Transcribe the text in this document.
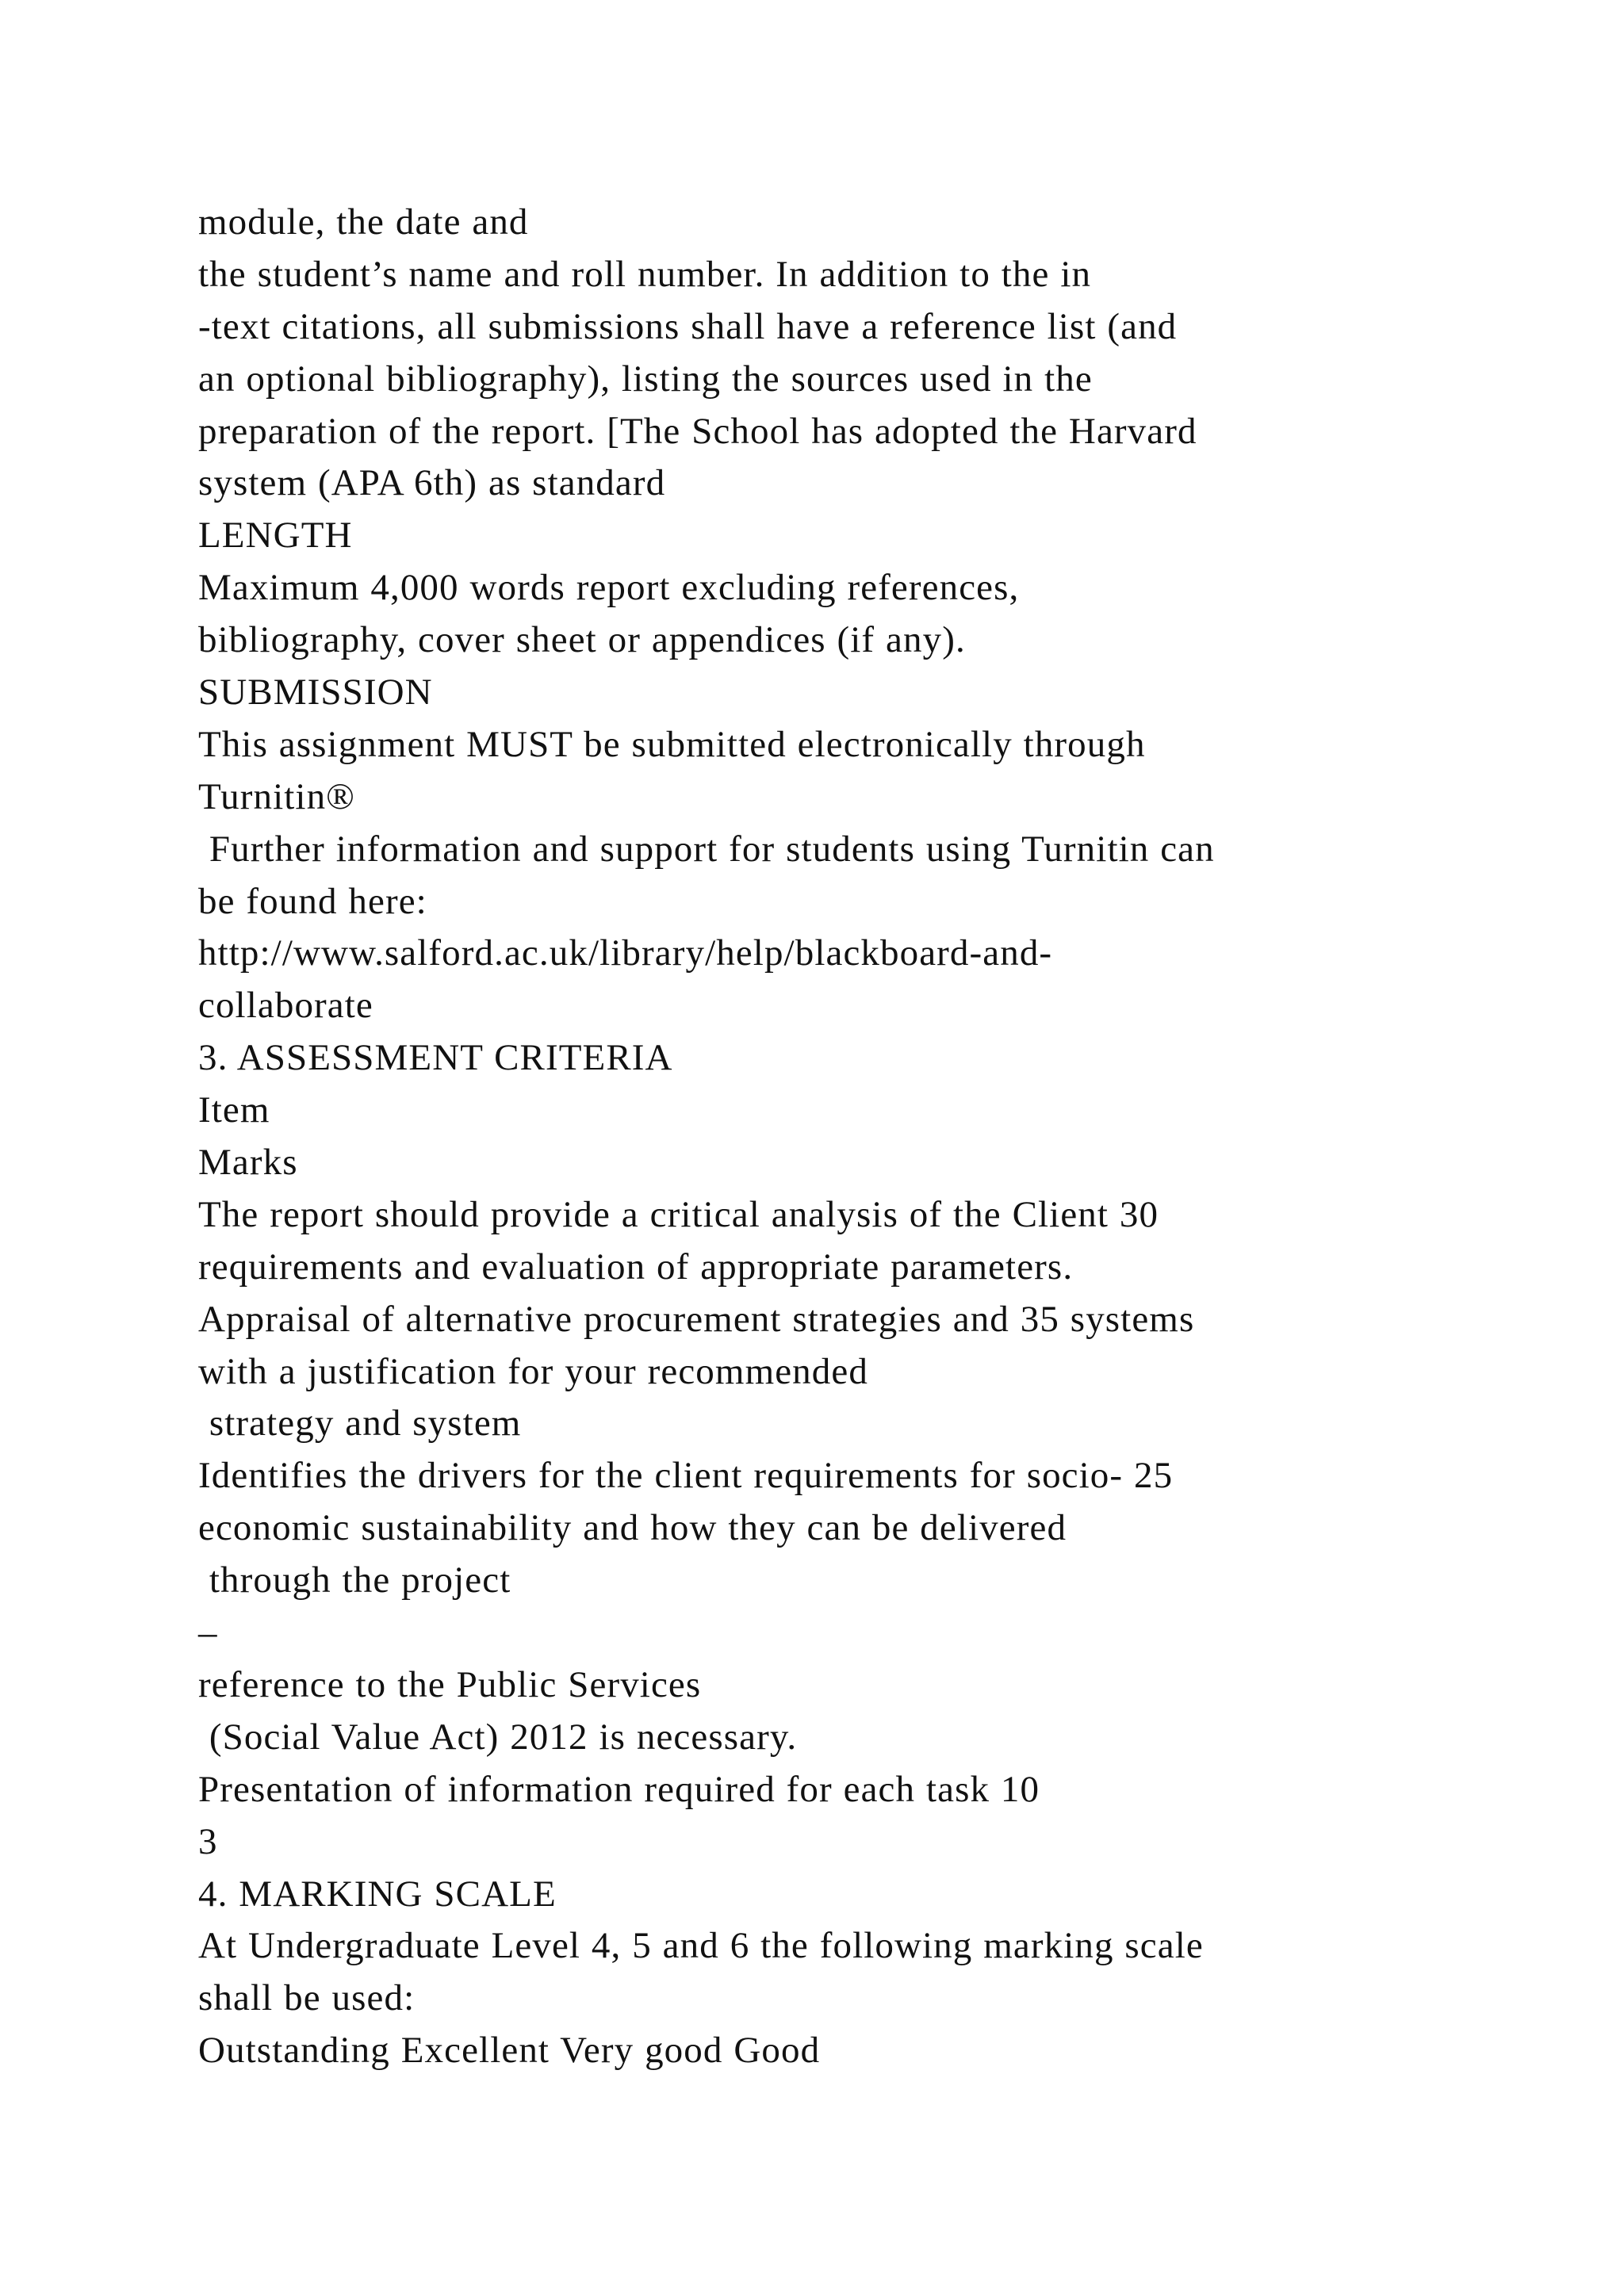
module, the date and
the student’s name and roll number. In addition to the in
-text citations, all submissions shall have a reference list (and
an optional bibliography), listing the sources used in the
preparation of the report. [The School has adopted the Harvard
system (APA 6th) as standard
LENGTH
Maximum 4,000 words report excluding references,
bibliography, cover sheet or appendices (if any).
SUBMISSION
This assignment MUST be submitted electronically through
Turnitin®
Further information and support for students using Turnitin can
be found here:
http://www.salford.ac.uk/library/help/blackboard-and-
collaborate
3. ASSESSMENT CRITERIA
Item
Marks
The report should provide a critical analysis of the Client 30
requirements and evaluation of appropriate parameters.
Appraisal of alternative procurement strategies and 35 systems
with a justification for your recommended
strategy and system
Identifies the drivers for the client requirements for socio- 25
economic sustainability and how they can be delivered
through the project
–
reference to the Public Services
(Social Value Act) 2012 is necessary.
Presentation of information required for each task 10
3
4. MARKING SCALE
At Undergraduate Level 4, 5 and 6 the following marking scale
shall be used:
Outstanding Excellent Very good Good
